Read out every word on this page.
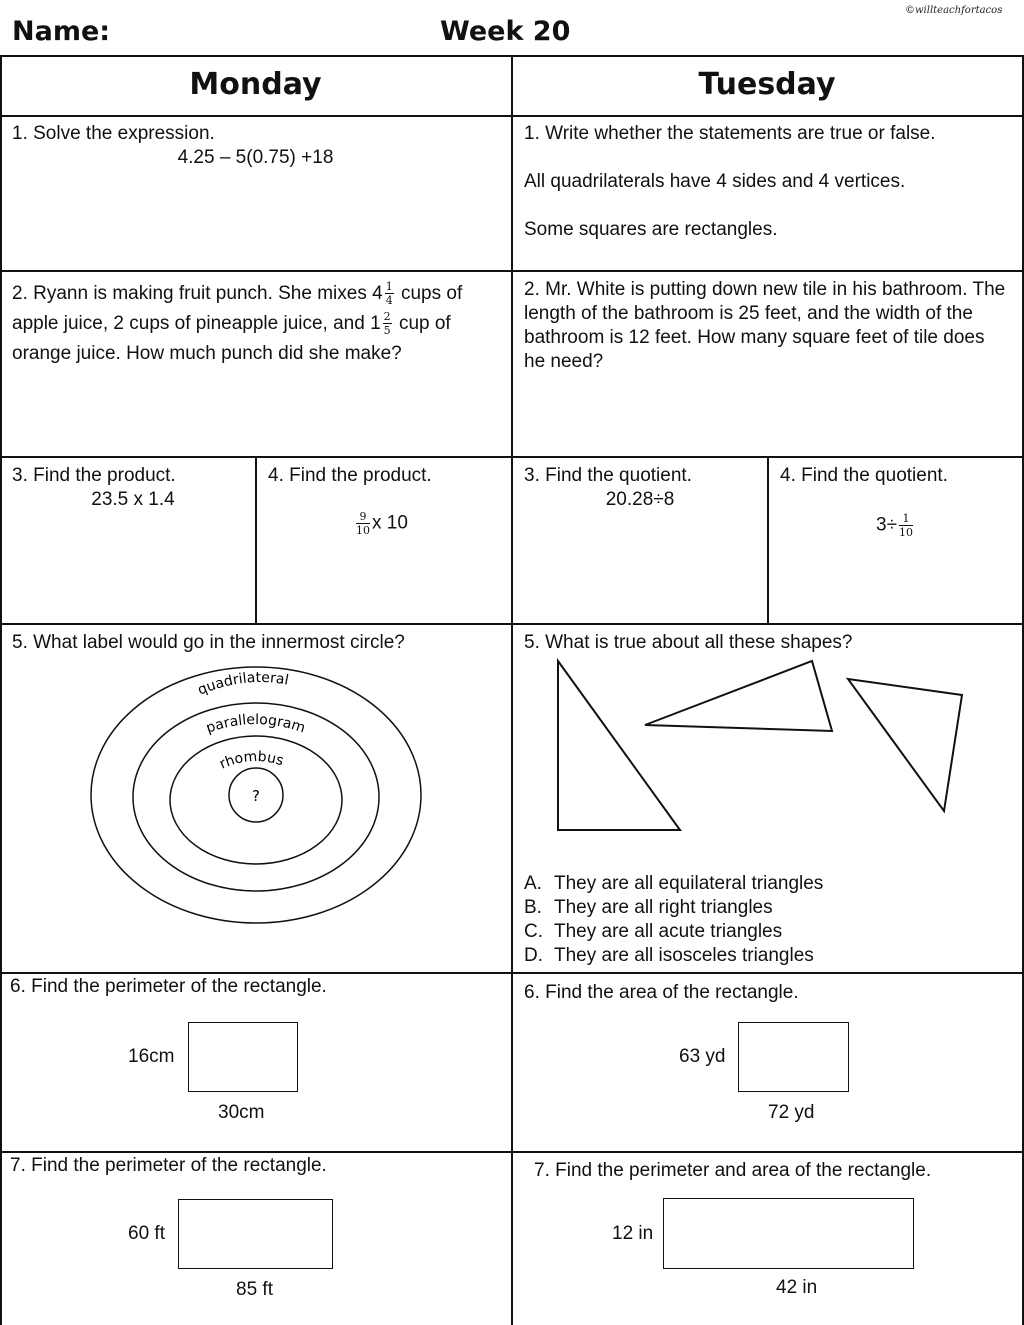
Name:	Week 20
©willteachfortacos
Monday	Tuesday
1. Solve the expression.
4.25 – 5(0.75) +18
1. Write whether the statements are true or false.
All quadrilaterals have 4 sides and 4 vertices.
Some squares are rectangles.
2. Ryann is making fruit punch. She mixes $4 \frac{1}{4}$ cups of apple juice, 2 cups of pineapple juice, and $1 \frac{2}{5}$ cup of orange juice. How much punch did she make?
2. Mr. White is putting down new tile in his bathroom. The length of the bathroom is 25 feet, and the width of the bathroom is 12 feet. How many square feet of tile does he need?
3. Find the product.
23.5 x 1.4
4. Find the product.
$\frac{9}{10}$ x 10
3. Find the quotient.
20.28÷8
4. Find the quotient.
$3\div \frac{1}{10}$
5. What label would go in the innermost circle?
quadrilateral
parallelogram
rhombus
?
5. What is true about all these shapes?
A. They are all equilateral triangles
B. They are all right triangles
C. They are all acute triangles
D. They are all isosceles triangles
6. Find the perimeter of the rectangle.
16cm
30cm
6. Find the area of the rectangle.
63 yd
72 yd
7. Find the perimeter of the rectangle.
60 ft
85 ft
7. Find the perimeter and area of the rectangle.
12 in
42 in
